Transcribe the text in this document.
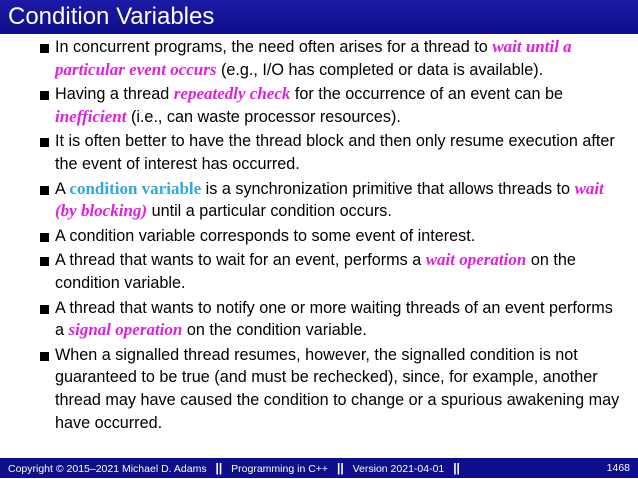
Condition Variables
In concurrent programs, the need often arises for a thread to wait until a particular event occurs (e.g., I/O has completed or data is available).
Having a thread repeatedly check for the occurrence of an event can be inefficient (i.e., can waste processor resources).
It is often better to have the thread block and then only resume execution after the event of interest has occurred.
A condition variable is a synchronization primitive that allows threads to wait (by blocking) until a particular condition occurs.
A condition variable corresponds to some event of interest.
A thread that wants to wait for an event, performs a wait operation on the condition variable.
A thread that wants to notify one or more waiting threads of an event performs a signal operation on the condition variable.
When a signalled thread resumes, however, the signalled condition is not guaranteed to be true (and must be rechecked), since, for example, another thread may have caused the condition to change or a spurious awakening may have occurred.
Copyright © 2015–2021 Michael D. Adams || Programming in C++ || Version 2021-04-01 ||	1468
